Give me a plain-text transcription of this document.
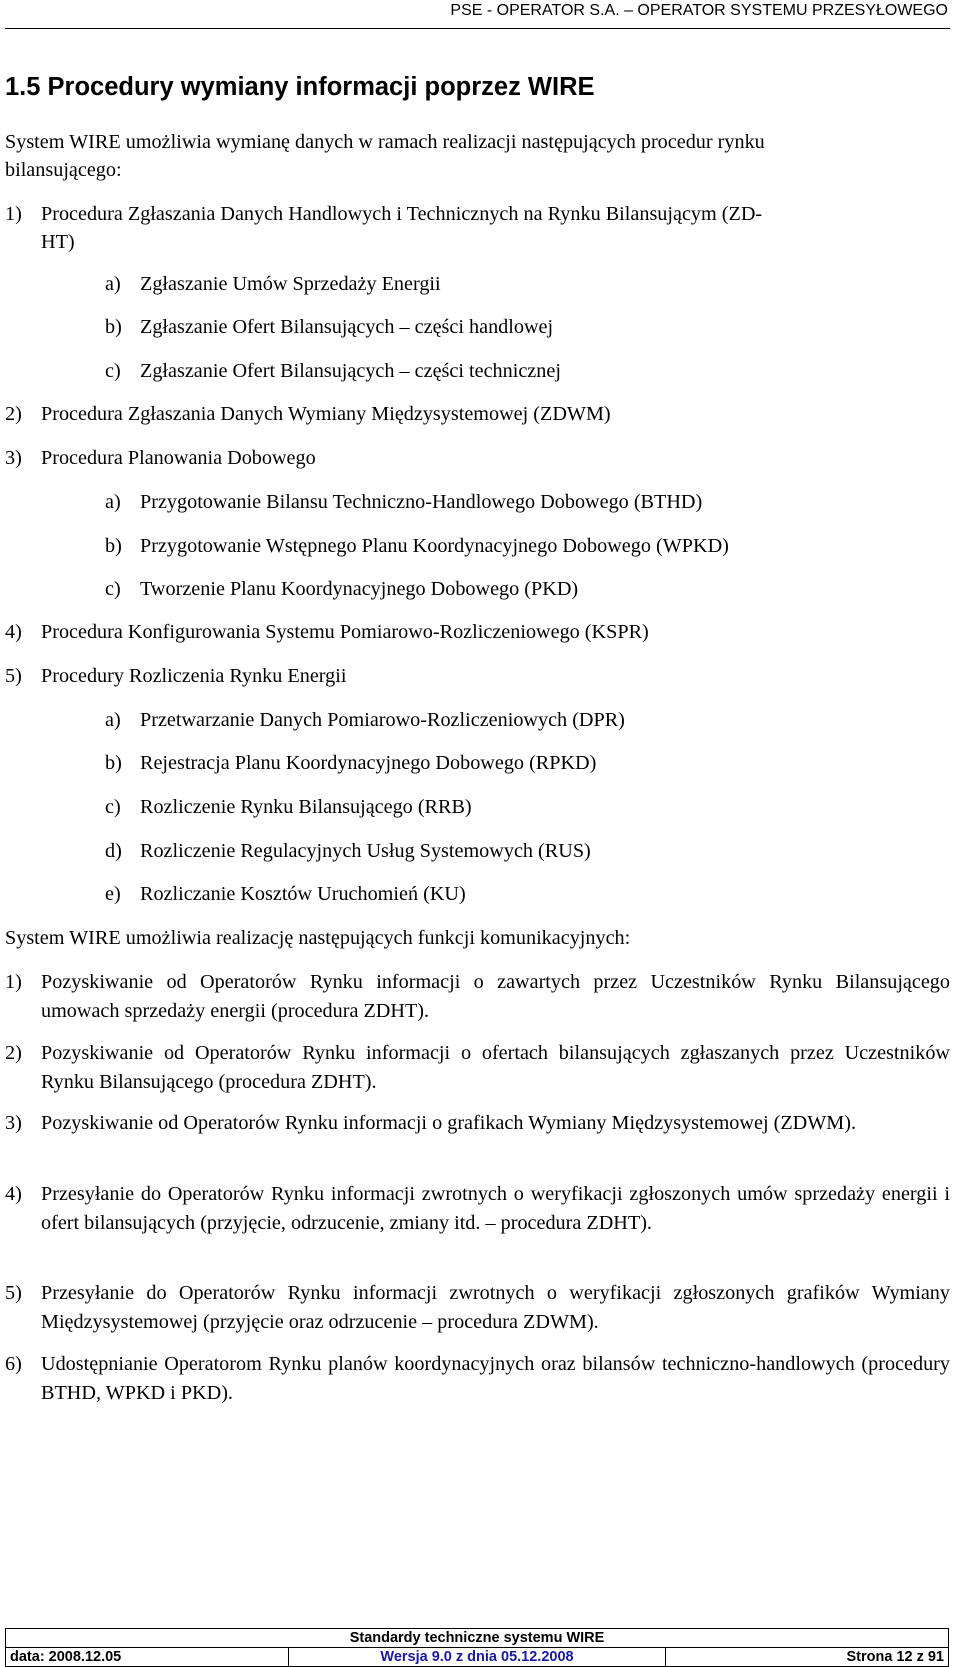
PSE - OPERATOR S.A. – OPERATOR SYSTEMU PRZESYŁOWEGO
1.5 Procedury wymiany informacji poprzez WIRE
System WIRE umożliwia wymianę danych w ramach realizacji następujących procedur rynku
bilansującego:
1) Procedura Zgłaszania Danych Handlowych i Technicznych na Rynku Bilansującym (ZD-
HT)
a) Zgłaszanie Umów Sprzedaży Energii
b) Zgłaszanie Ofert Bilansujących – części handlowej
c) Zgłaszanie Ofert Bilansujących – części technicznej
2) Procedura Zgłaszania Danych Wymiany Międzysystemowej (ZDWM)
3) Procedura Planowania Dobowego
a) Przygotowanie Bilansu Techniczno-Handlowego Dobowego (BTHD)
b) Przygotowanie Wstępnego Planu Koordynacyjnego Dobowego (WPKD)
c) Tworzenie Planu Koordynacyjnego Dobowego (PKD)
4) Procedura Konfigurowania Systemu Pomiarowo-Rozliczeniowego (KSPR)
5) Procedury Rozliczenia Rynku Energii
a) Przetwarzanie Danych Pomiarowo-Rozliczeniowych (DPR)
b) Rejestracja Planu Koordynacyjnego Dobowego (RPKD)
c) Rozliczenie Rynku Bilansującego (RRB)
d) Rozliczenie Regulacyjnych Usług Systemowych (RUS)
e) Rozliczanie Kosztów Uruchomień (KU)
System WIRE umożliwia realizację następujących funkcji komunikacyjnych:
1) Pozyskiwanie od Operatorów Rynku informacji o zawartych przez Uczestników Rynku Bilansującego umowach sprzedaży energii (procedura ZDHT).
2) Pozyskiwanie od Operatorów Rynku informacji o ofertach bilansujących zgłaszanych przez Uczestników Rynku Bilansującego (procedura ZDHT).
3) Pozyskiwanie od Operatorów Rynku informacji o grafikach Wymiany Międzysystemowej (ZDWM).
4) Przesyłanie do Operatorów Rynku informacji zwrotnych o weryfikacji zgłoszonych umów sprzedaży energii i ofert bilansujących (przyjęcie, odrzucenie, zmiany itd. – procedura ZDHT).
5) Przesyłanie do Operatorów Rynku informacji zwrotnych o weryfikacji zgłoszonych grafików Wymiany Międzysystemowej (przyjęcie oraz odrzucenie – procedura ZDWM).
6) Udostępnianie Operatorom Rynku planów koordynacyjnych oraz bilansów techniczno-handlowych (procedury BTHD, WPKD i PKD).
Standardy techniczne systemu WIRE
data: 2008.12.05	Wersja 9.0 z dnia 05.12.2008	Strona 12 z 91
